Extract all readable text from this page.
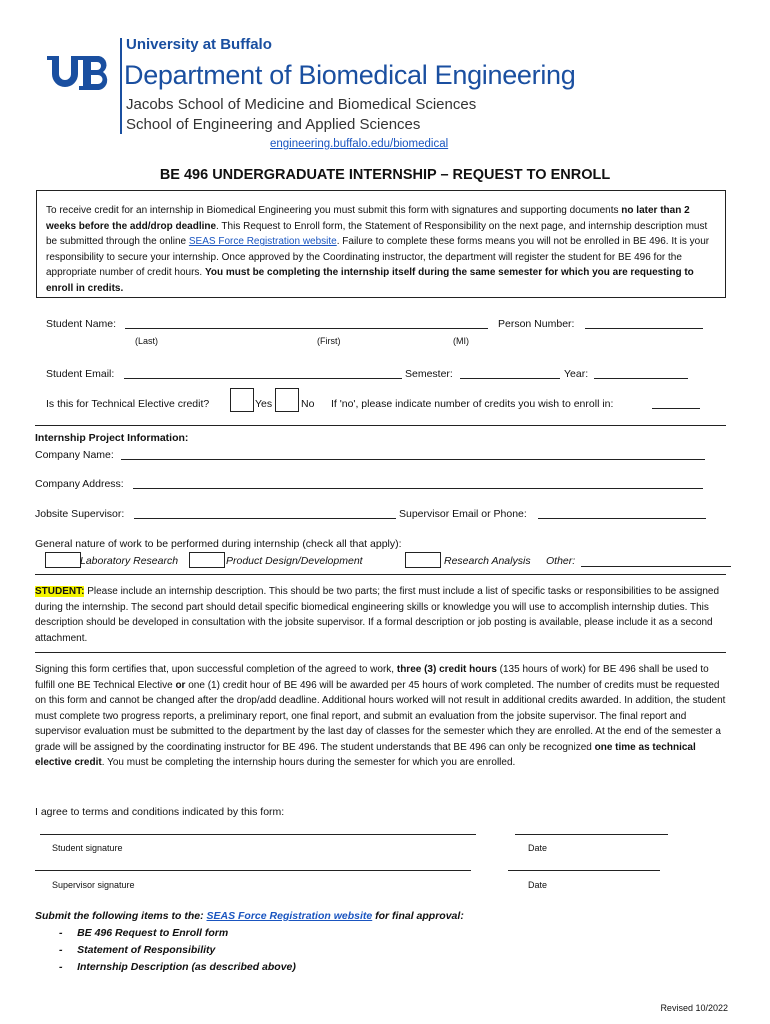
University at Buffalo
Department of Biomedical Engineering
Jacobs School of Medicine and Biomedical Sciences
School of Engineering and Applied Sciences
engineering.buffalo.edu/biomedical
BE 496 UNDERGRADUATE INTERNSHIP – REQUEST TO ENROLL

To receive credit for an internship in Biomedical Engineering you must submit this form with signatures and supporting documents no later than 2 weeks before the add/drop deadline. This Request to Enroll form, the Statement of Responsibility on the next page, and internship description must be submitted through the online SEAS Force Registration website. Failure to complete these forms means you will not be enrolled in BE 496. It is your responsibility to secure your internship. Once approved by the Coordinating instructor, the department will register the student for BE 496 for the appropriate number of credit hours. You must be completing the internship itself during the same semester for which you are requesting to enroll in credits.

Student Name:	Person Number:
(Last)	(First)	(MI)
Student Email:	Semester:	Year:
Is this for Technical Elective credit?	Yes	No If 'no', please indicate number of credits you wish to enroll in:
Internship Project Information:
Company Name:
Company Address:
Jobsite Supervisor:	Supervisor Email or Phone:
General nature of work to be performed during internship (check all that apply):
Laboratory Research	Product Design/Development	Research Analysis Other:

STUDENT: Please include an internship description. This should be two parts; the first must include a list of specific tasks or responsibilities to be assigned during the internship. The second part should detail specific biomedical engineering skills or knowledge you will use to accomplish internship duties. This description should be developed in consultation with the jobsite supervisor. If a formal description or job posting is available, please include it as a second attachment.

Signing this form certifies that, upon successful completion of the agreed to work, three (3) credit hours (135 hours of work) for BE 496 shall be used to fulfill one BE Technical Elective or one (1) credit hour of BE 496 will be awarded per 45 hours of work completed. The number of credits must be requested on this form and cannot be changed after the drop/add deadline. Additional hours worked will not result in additional credits awarded. In addition, the student must complete two progress reports, a preliminary report, one final report, and submit an evaluation from the jobsite supervisor. The final report and supervisor evaluation must be submitted to the department by the last day of classes for the semester which they are enrolled. At the end of the semester a grade will be assigned by the coordinating instructor for BE 496. The student understands that BE 496 can only be recognized one time as technical elective credit. You must be completing the internship hours during the semester for which you are enrolled.

I agree to terms and conditions indicated by this form:
Student signature	Date
Supervisor signature	Date
Submit the following items to the: SEAS Force Registration website for final approval:
-     BE 496 Request to Enroll form
-     Statement of Responsibility
-     Internship Description (as described above)
Revised 10/2022
